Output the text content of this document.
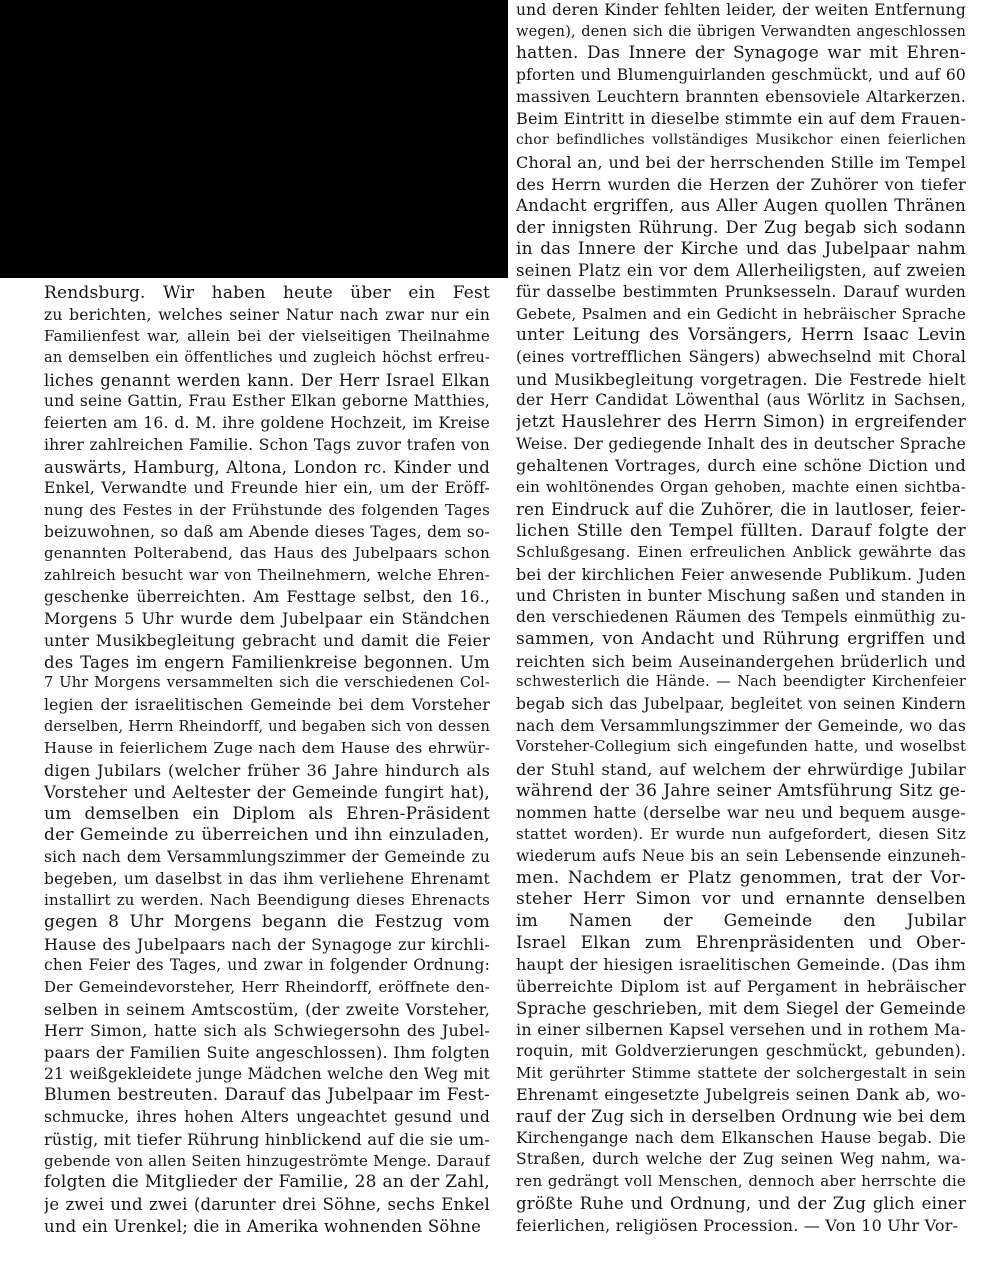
und deren Kinder fehlten leider, der weiten Entfernung
wegen), denen sich die übrigen Verwandten angeschlossen
hatten. Das Innere der Synagoge war mit Ehren-
pforten und Blumenguirlanden geschmückt, und auf 60
massiven Leuchtern brannten ebensoviele Altarkerzen.
Beim Eintritt in dieselbe stimmte ein auf dem Frauen-
chor befindliches vollständiges Musikchor einen feierlichen
Choral an, und bei der herrschenden Stille im Tempel
des Herrn wurden die Herzen der Zuhörer von tiefer
Andacht ergriffen, aus Aller Augen quollen Thränen
der innigsten Rührung. Der Zug begab sich sodann
in das Innere der Kirche und das Jubelpaar nahm
seinen Platz ein vor dem Allerheiligsten, auf zweien
für dasselbe bestimmten Prunksesseln. Darauf wurden
Gebete, Psalmen and ein Gedicht in hebräischer Sprache
unter Leitung des Vorsängers, Herrn Isaac Levin
(eines vortrefflichen Sängers) abwechselnd mit Choral
und Musikbegleitung vorgetragen. Die Festrede hielt
der Herr Candidat Löwenthal (aus Wörlitz in Sachsen,
jetzt Hauslehrer des Herrn Simon) in ergreifender
Weise. Der gediegende Inhalt des in deutscher Sprache
gehaltenen Vortrages, durch eine schöne Diction und
ein wohltönendes Organ gehoben, machte einen sichtba-
ren Eindruck auf die Zuhörer, die in lautloser, feier-
lichen Stille den Tempel füllten. Darauf folgte der
Schlußgesang. Einen erfreulichen Anblick gewährte das
bei der kirchlichen Feier anwesende Publikum. Juden
und Christen in bunter Mischung saßen und standen in
den verschiedenen Räumen des Tempels einmüthig zu-
sammen, von Andacht und Rührung ergriffen und
reichten sich beim Auseinandergehen brüderlich und
schwesterlich die Hände. — Nach beendigter Kirchenfeier
begab sich das Jubelpaar, begleitet von seinen Kindern
nach dem Versammlungszimmer der Gemeinde, wo das
Vorsteher-Collegium sich eingefunden hatte, und woselbst
der Stuhl stand, auf welchem der ehrwürdige Jubilar
während der 36 Jahre seiner Amtsführung Sitz ge-
nommen hatte (derselbe war neu und bequem ausge-
stattet worden). Er wurde nun aufgefordert, diesen Sitz
wiederum aufs Neue bis an sein Lebensende einzuneh-
men. Nachdem er Platz genommen, trat der Vor-
steher Herr Simon vor und ernannte denselben
im Namen der Gemeinde den Jubilar
Israel Elkan zum Ehrenpräsidenten und Ober-
haupt der hiesigen israelitischen Gemeinde. (Das ihm
überreichte Diplom ist auf Pergament in hebräischer
Sprache geschrieben, mit dem Siegel der Gemeinde
in einer silbernen Kapsel versehen und in rothem Ma-
roquin, mit Goldverzierungen geschmückt, gebunden).
Mit gerührter Stimme stattete der solchergestalt in sein
Ehrenamt eingesetzte Jubelgreis seinen Dank ab, wo-
rauf der Zug sich in derselben Ordnung wie bei dem
Kirchengange nach dem Elkanschen Hause begab. Die
Straßen, durch welche der Zug seinen Weg nahm, wa-
ren gedrängt voll Menschen, dennoch aber herrschte die
größte Ruhe und Ordnung, und der Zug glich einer
feierlichen, religiösen Procession. — Von 10 Uhr Vor-
Rendsburg. Wir haben heute über ein Fest
zu berichten, welches seiner Natur nach zwar nur ein
Familienfest war, allein bei der vielseitigen Theilnahme
an demselben ein öffentliches und zugleich höchst erfreu-
liches genannt werden kann. Der Herr Israel Elkan
und seine Gattin, Frau Esther Elkan geborne Matthies,
feierten am 16. d. M. ihre goldene Hochzeit, im Kreise
ihrer zahlreichen Familie. Schon Tags zuvor trafen von
auswärts, Hamburg, Altona, London rc. Kinder und
Enkel, Verwandte und Freunde hier ein, um der Eröff-
nung des Festes in der Frühstunde des folgenden Tages
beizuwohnen, so daß am Abende dieses Tages, dem so-
genannten Polterabend, das Haus des Jubelpaars schon
zahlreich besucht war von Theilnehmern, welche Ehren-
geschenke überreichten. Am Festtage selbst, den 16.,
Morgens 5 Uhr wurde dem Jubelpaar ein Ständchen
unter Musikbegleitung gebracht und damit die Feier
des Tages im engern Familienkreise begonnen. Um
7 Uhr Morgens versammelten sich die verschiedenen Col-
legien der israelitischen Gemeinde bei dem Vorsteher
derselben, Herrn Rheindorff, und begaben sich von dessen
Hause in feierlichem Zuge nach dem Hause des ehrwür-
digen Jubilars (welcher früher 36 Jahre hindurch als
Vorsteher und Aeltester der Gemeinde fungirt hat),
um demselben ein Diplom als Ehren-Präsident
der Gemeinde zu überreichen und ihn einzuladen,
sich nach dem Versammlungszimmer der Gemeinde zu
begeben, um daselbst in das ihm verliehene Ehrenamt
installirt zu werden. Nach Beendigung dieses Ehrenacts
gegen 8 Uhr Morgens begann die Festzug vom
Hause des Jubelpaars nach der Synagoge zur kirchli-
chen Feier des Tages, und zwar in folgender Ordnung:
Der Gemeindevorsteher, Herr Rheindorff, eröffnete den-
selben in seinem Amtscostüm, (der zweite Vorsteher,
Herr Simon, hatte sich als Schwiegersohn des Jubel-
paars der Familien Suite angeschlossen). Ihm folgten
21 weißgekleidete junge Mädchen welche den Weg mit
Blumen bestreuten. Darauf das Jubelpaar im Fest-
schmucke, ihres hohen Alters ungeachtet gesund und
rüstig, mit tiefer Rührung hinblickend auf die sie um-
gebende von allen Seiten hinzugeströmte Menge. Darauf
folgten die Mitglieder der Familie, 28 an der Zahl,
je zwei und zwei (darunter drei Söhne, sechs Enkel
und ein Urenkel; die in Amerika wohnenden Söhne
